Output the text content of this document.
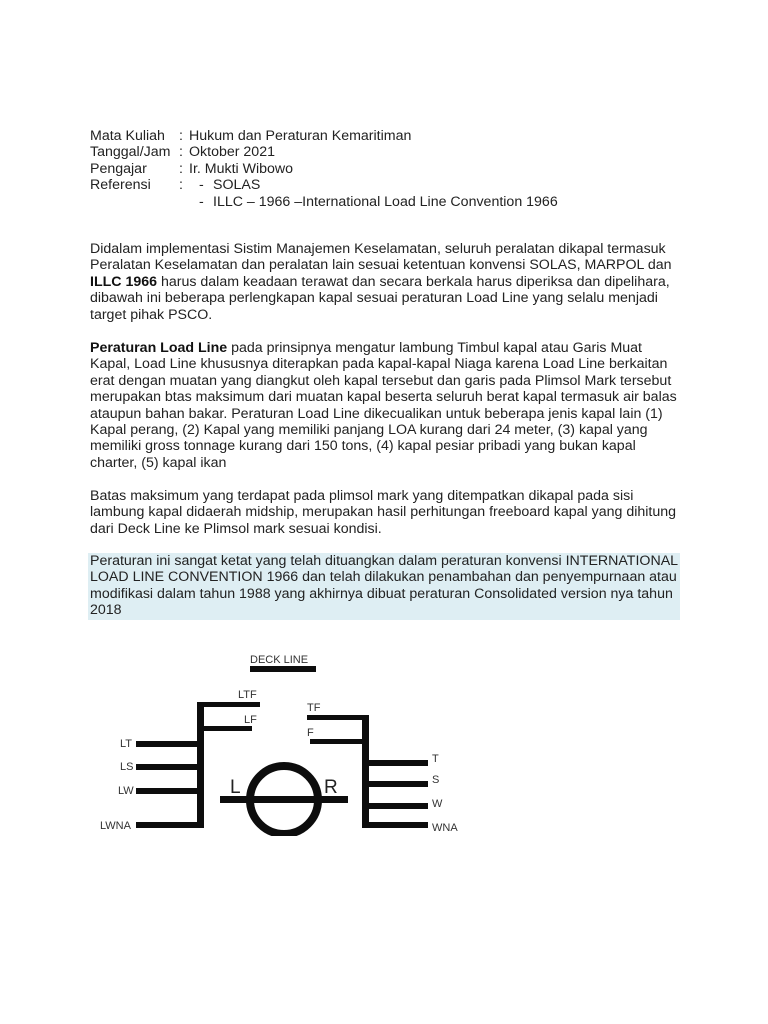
Mata Kuliah : Hukum dan Peraturan Kemaritiman
Tanggal/Jam : Oktober 2021
Pengajar : Ir. Mukti Wibowo
Referensi : - SOLAS
- ILLC – 1966 –International Load Line Convention 1966

Didalam implementasi Sistim Manajemen Keselamatan, seluruh peralatan dikapal termasuk Peralatan Keselamatan dan peralatan lain sesuai ketentuan konvensi SOLAS, MARPOL dan ILLC 1966 harus dalam keadaan terawat dan secara berkala harus diperiksa dan dipelihara, dibawah ini beberapa perlengkapan kapal sesuai peraturan Load Line yang selalu menjadi target pihak PSCO.

Peraturan Load Line pada prinsipnya mengatur lambung Timbul kapal atau Garis Muat Kapal, Load Line khususnya diterapkan pada kapal-kapal Niaga karena Load Line berkaitan erat dengan muatan yang diangkut oleh kapal tersebut dan garis pada Plimsol Mark tersebut merupakan btas maksimum dari muatan kapal beserta seluruh berat kapal termasuk air balas ataupun bahan bakar. Peraturan Load Line dikecualikan untuk beberapa jenis kapal lain (1) Kapal perang, (2) Kapal yang memiliki panjang LOA kurang dari 24 meter, (3) kapal yang memiliki gross tonnage kurang dari 150 tons, (4) kapal pesiar pribadi yang bukan kapal charter, (5) kapal ikan

Batas maksimum yang terdapat pada plimsol mark yang ditempatkan dikapal pada sisi lambung kapal didaerah midship, merupakan hasil perhitungan freeboard kapal yang dihitung dari Deck Line ke Plimsol mark sesuai kondisi.

Peraturan ini sangat ketat yang telah dituangkan dalam peraturan konvensi INTERNATIONAL LOAD LINE CONVENTION 1966 dan telah dilakukan penambahan dan penyempurnaan atau modifikasi dalam tahun 1988 yang akhirnya dibuat peraturan Consolidated version nya tahun 2018

DECK LINE
LTF
LF
TF
F
LT
LS
LW
LWNA
T
S
W
WNA
L	R
